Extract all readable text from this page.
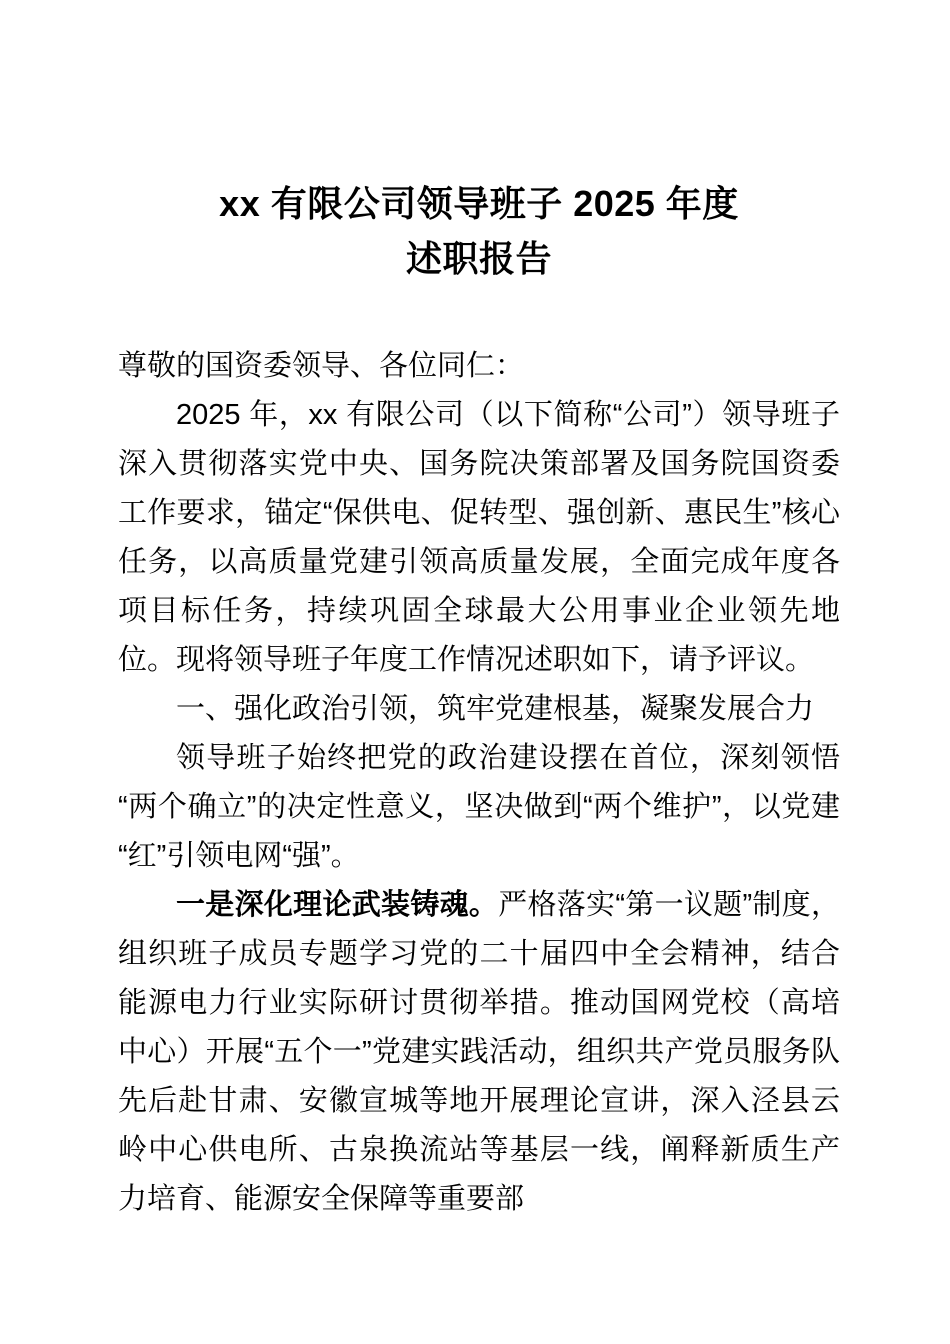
xx 有限公司领导班子 2025 年度
述职报告

尊敬的国资委领导、各位同仁：

2025 年，xx 有限公司（以下简称“公司”）领导班子深入贯彻落实党中央、国务院决策部署及国务院国资委工作要求，锚定“保供电、促转型、强创新、惠民生”核心任务，以高质量党建引领高质量发展，全面完成年度各项目标任务，持续巩固全球最大公用事业企业领先地位。现将领导班子年度工作情况述职如下，请予评议。

一、强化政治引领，筑牢党建根基，凝聚发展合力

领导班子始终把党的政治建设摆在首位，深刻领悟“两个确立”的决定性意义，坚决做到“两个维护”，以党建“红”引领电网“强”。

一是深化理论武装铸魂。严格落实“第一议题”制度，组织班子成员专题学习党的二十届四中全会精神，结合能源电力行业实际研讨贯彻举措。推动国网党校（高培中心）开展“五个一”党建实践活动，组织共产党员服务队先后赴甘肃、安徽宣城等地开展理论宣讲，深入泾县云岭中心供电所、古泉换流站等基层一线，阐释新质生产力培育、能源安全保障等重要部
